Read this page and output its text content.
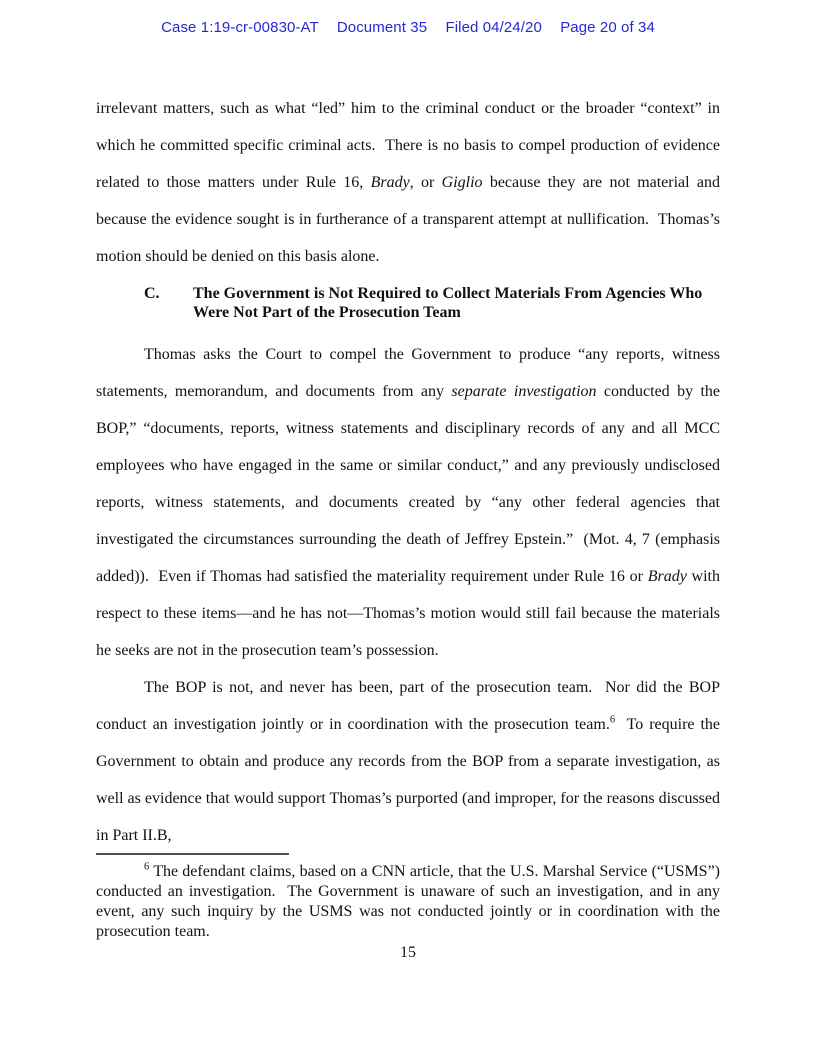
Case 1:19-cr-00830-AT Document 35 Filed 04/24/20 Page 20 of 34

irrelevant matters, such as what “led” him to the criminal conduct or the broader “context” in which he committed specific criminal acts.  There is no basis to compel production of evidence related to those matters under Rule 16, Brady, or Giglio because they are not material and because the evidence sought is in furtherance of a transparent attempt at nullification.  Thomas’s motion should be denied on this basis alone.

C.	The Government is Not Required to Collect Materials From Agencies Who
Were Not Part of the Prosecution Team

Thomas asks the Court to compel the Government to produce “any reports, witness statements, memorandum, and documents from any separate investigation conducted by the BOP,” “documents, reports, witness statements and disciplinary records of any and all MCC employees who have engaged in the same or similar conduct,” and any previously undisclosed reports, witness statements, and documents created by “any other federal agencies that investigated the circumstances surrounding the death of Jeffrey Epstein.”  (Mot. 4, 7 (emphasis added)).  Even if Thomas had satisfied the materiality requirement under Rule 16 or Brady with respect to these items—and he has not—Thomas’s motion would still fail because the materials he seeks are not in the prosecution team’s possession.

The BOP is not, and never has been, part of the prosecution team.  Nor did the BOP conduct an investigation jointly or in coordination with the prosecution team.$^6$  To require the Government to obtain and produce any records from the BOP from a separate investigation, as well as evidence that would support Thomas’s purported (and improper, for the reasons discussed in Part II.B,

$^6$ The defendant claims, based on a CNN article, that the U.S. Marshal Service (“USMS”) conducted an investigation.  The Government is unaware of such an investigation, and in any event, any such inquiry by the USMS was not conducted jointly or in coordination with the prosecution team.

15
